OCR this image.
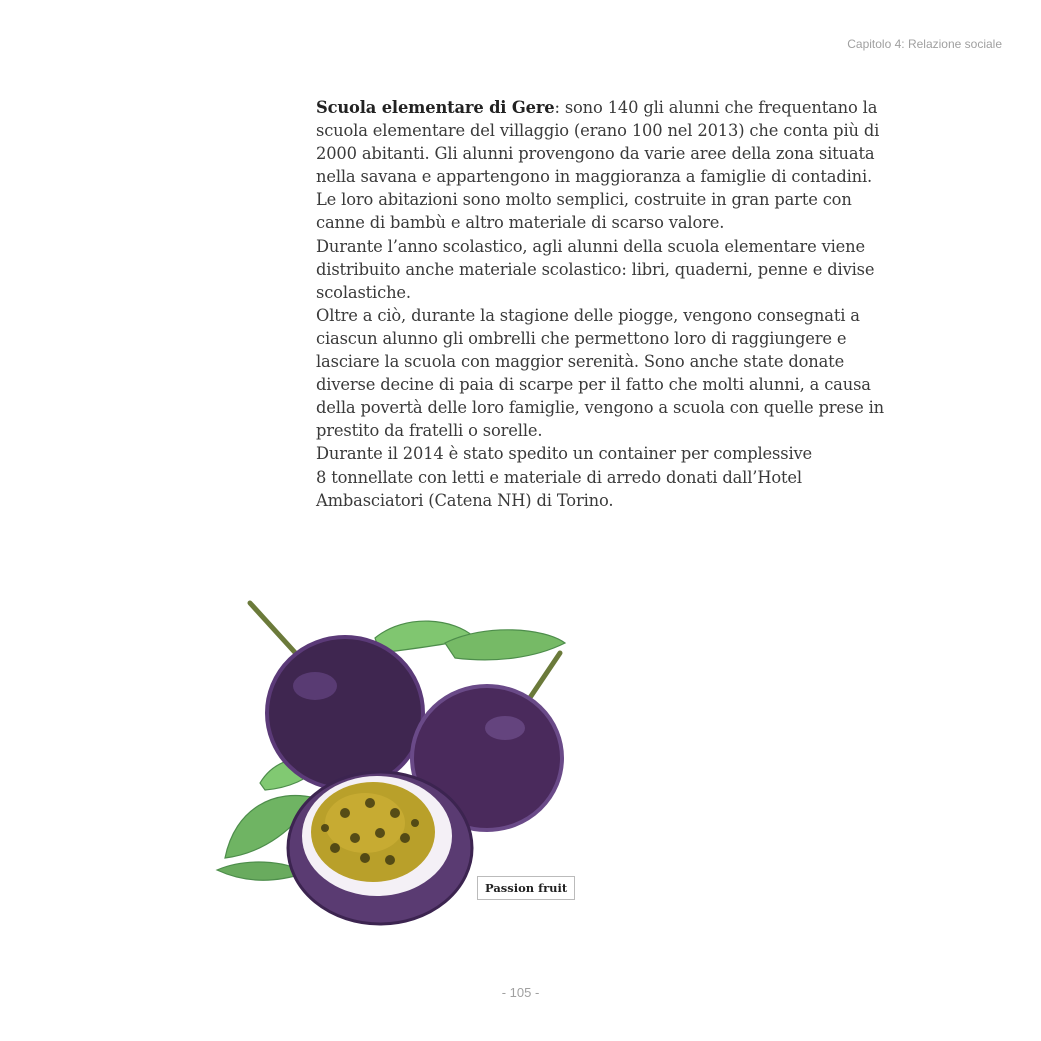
Capitolo 4: Relazione sociale

Scuola elementare di Gere: sono 140 gli alunni che frequentano la

scuola elementare del villaggio (erano 100 nel 2013) che conta più di

2000 abitanti. Gli alunni provengono da varie aree della zona situata

nella savana e appartengono in maggioranza a famiglie di contadini.

Le loro abitazioni sono molto semplici, costruite in gran parte con

canne di bambù e altro materiale di scarso valore.

Durante l’anno scolastico, agli alunni della scuola elementare viene

distribuito anche materiale scolastico: libri, quaderni, penne e divise

scolastiche.

Oltre a ciò, durante la stagione delle piogge, vengono consegnati a

ciascun alunno gli ombrelli che permettono loro di raggiungere e

lasciare la scuola con maggior serenità. Sono anche state donate

diverse decine di paia di scarpe per il fatto che molti alunni, a causa

della povertà delle loro famiglie, vengono a scuola con quelle prese in

prestito da fratelli o sorelle.

Durante il 2014 è stato spedito un container per complessive

8 tonnellate con letti e materiale di arredo donati dall’Hotel

Ambasciatori (Catena NH) di Torino.

Passion fruit
- 105 -
